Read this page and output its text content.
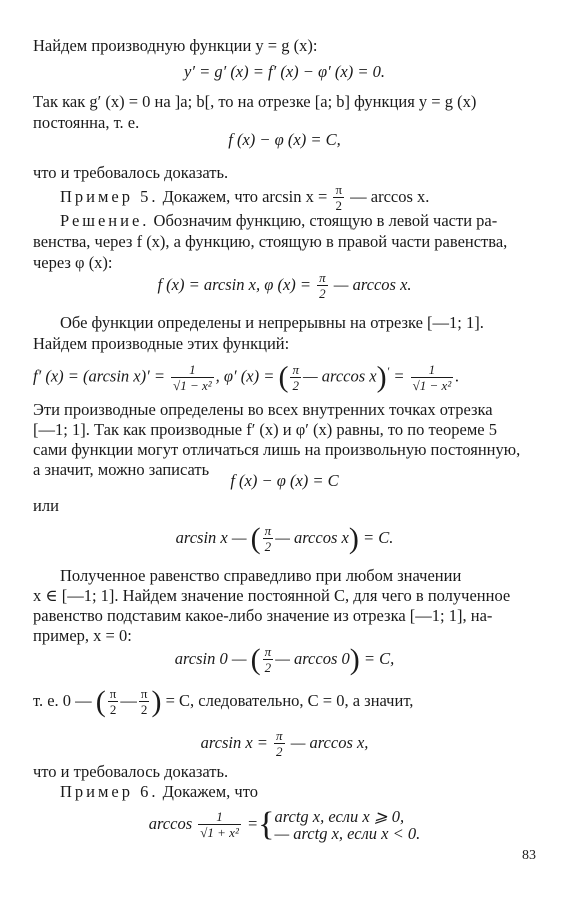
Найдем производную функции y = g (x):
y′ = g′ (x) = f′ (x) − φ′ (x) = 0.
Так как g′ (x) = 0 на ]a; b[, то на отрезке [a; b] функция y = g (x)
постоянна, т. е.
f (x) − φ (x) = C,
что и требовалось доказать.
Пример 5. Докажем, что $\arcsin x = \frac{\pi}{2}$ — arccos x.
Решение. Обозначим функцию, стоящую в левой части ра-
венства, через f (x), а функцию, стоящую в правой части равенства,
через φ (x):
f (x) = arcsin x, φ $(x) = \frac{\pi}{2}$ — arccos x.
Обе функции определены и непрерывны на отрезке [—1; 1].
Найдем производные этих функций:
f′ (x) = (arcsin $x)' = \frac{1}{\text{√1 − x²}}$ , φ′ (x) = ( $\frac{\pi}{2}$ — $\arccos x)' = \frac{1}{\text{√1 − x²}}$ .
Эти производные определены во всех внутренних точках отрезка
[—1; 1]. Так как производные f′ (x) и φ′ (x) равны, то по теореме 5
сами функции могут отличаться лишь на произвольную постоянную,
а значит, можно записать
f (x) − φ (x) = C
или
arcsin x — ( $\frac{\pi}{2}$ — arccos x) = C.
Полученное равенство справедливо при любом значении
x ∈ [—1; 1]. Найдем значение постоянной C, для чего в полученное
равенство подставим какое-либо значение из отрезка [—1; 1], на-
пример, x = 0:
arcsin 0 — ( $\frac{\pi}{2}$ — arccos 0) = C,
т. е. 0 — ( $\frac{\pi}{2}$ — $\frac{\pi}{2}$ ) = C, следовательно, C = 0, а значит,
$\arcsin x = \frac{\pi}{2}$ — arccos x,
что и требовалось доказать.
Пример 6. Докажем, что
$\arccos \frac{1}{\text{√1 + x²}}$ ={ arctg x, если x ⩾ 0,
— arctg x, если x < 0.
83
